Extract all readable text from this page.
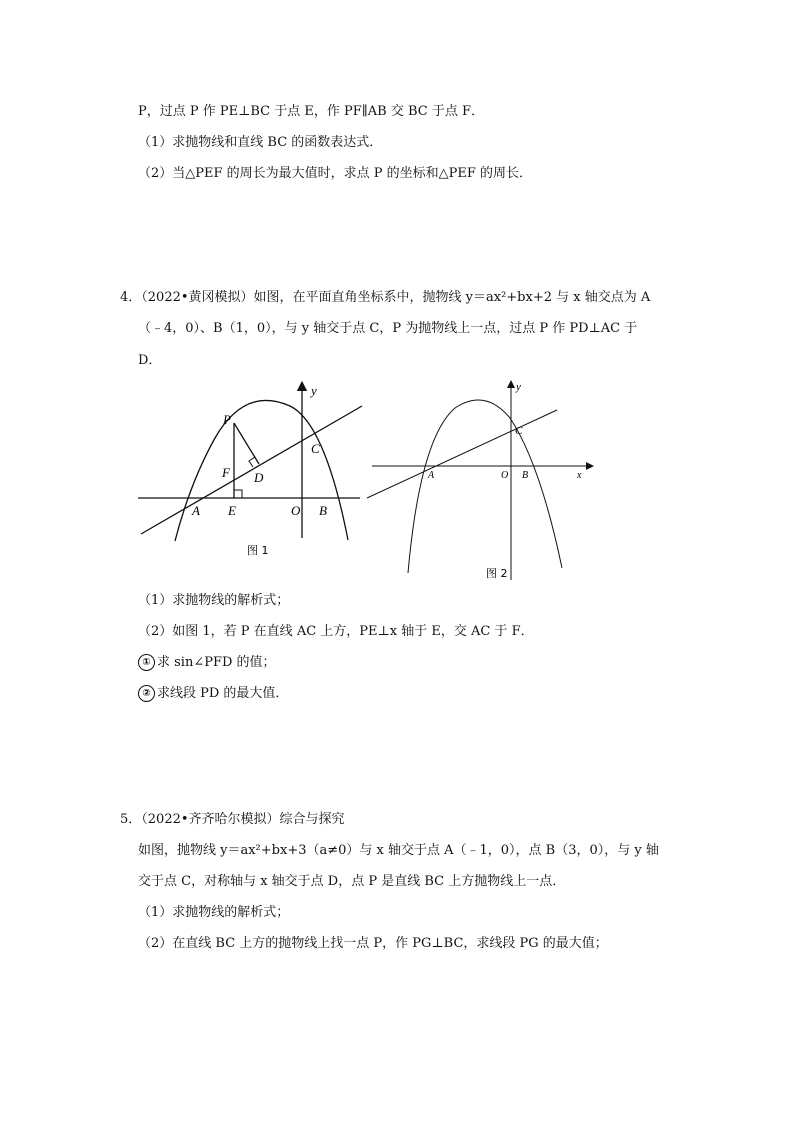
P，过点 P 作 PE⊥BC 于点 E，作 PF∥AB 交 BC 于点 F．
（1）求抛物线和直线 BC 的函数表达式．
（2）当△PEF 的周长为最大值时，求点 P 的坐标和△PEF 的周长．
4．（2022•黄冈模拟）如图，在平面直角坐标系中，抛物线 y＝ax²+bx+2 与 x 轴交点为 A
（﹣4，0）、B（1，0），与 y 轴交于点 C，P 为抛物线上一点，过点 P 作 PD⊥AC 于
D．
y
P
C
D
F
A E	O B
图 1
y
C
A	O B	x
图 2
（1）求抛物线的解析式；
（2）如图 1，若 P 在直线 AC 上方，PE⊥x 轴于 E，交 AC 于 F．
① 求 sin∠PFD 的值；
② 求线段 PD 的最大值．
5．（2022•齐齐哈尔模拟）综合与探究
如图，抛物线 y＝ax²+bx+3（a≠0）与 x 轴交于点 A（﹣1，0），点 B（3，0），与 y 轴
交于点 C，对称轴与 x 轴交于点 D，点 P 是直线 BC 上方抛物线上一点．
（1）求抛物线的解析式；
（2）在直线 BC 上方的抛物线上找一点 P，作 PG⊥BC，求线段 PG 的最大值；
